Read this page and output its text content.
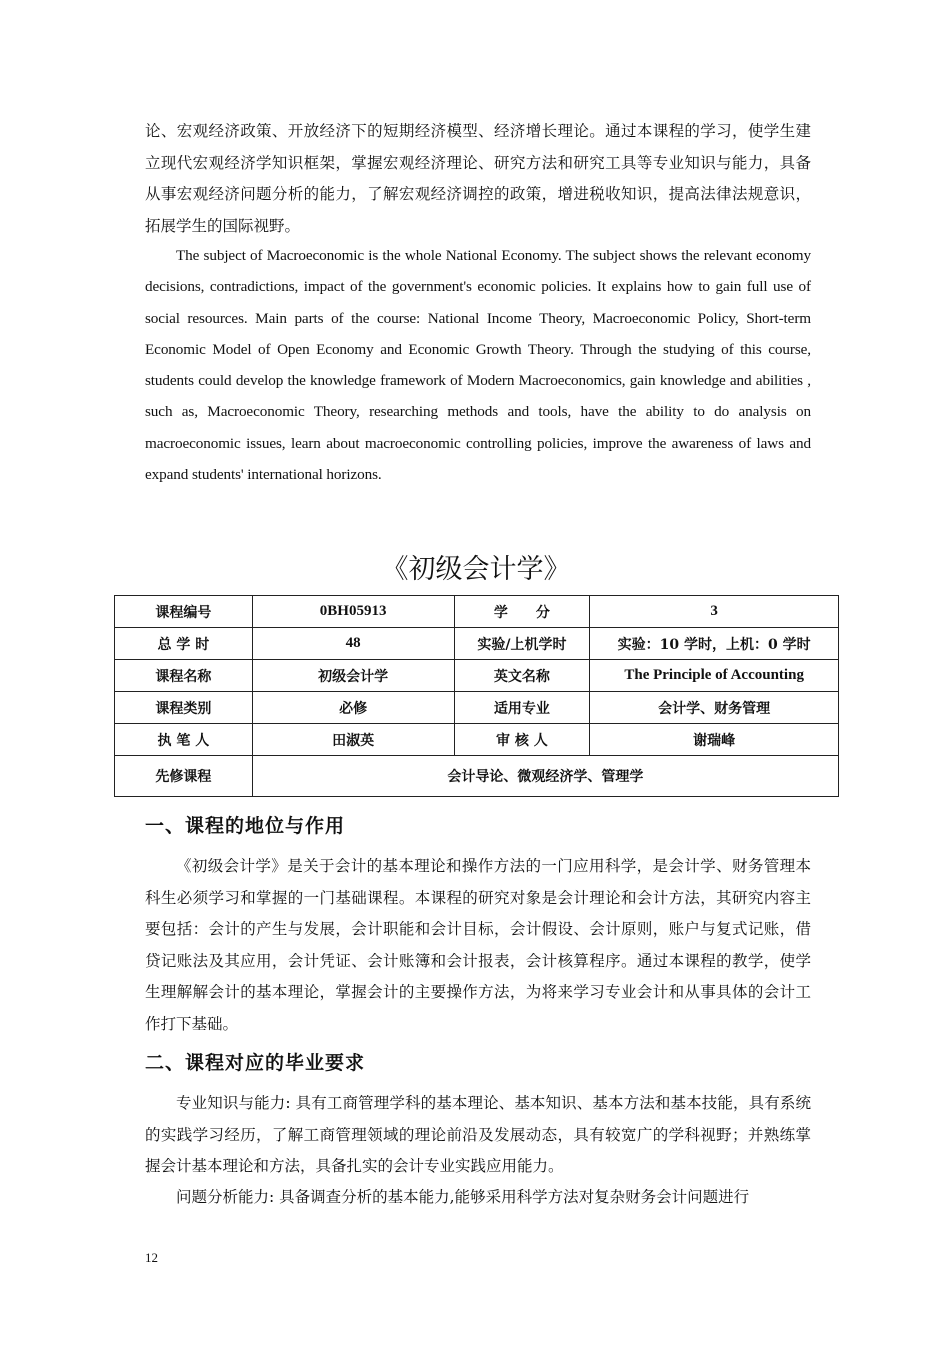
论、宏观经济政策、开放经济下的短期经济模型、经济增长理论。通过本课程的学习，使学生建立现代宏观经济学知识框架，掌握宏观经济理论、研究方法和研究工具等专业知识与能力，具备从事宏观经济问题分析的能力，了解宏观经济调控的政策，增进税收知识，提高法律法规意识，拓展学生的国际视野。

The subject of Macroeconomic is the whole National Economy. The subject shows the relevant economy decisions, contradictions, impact of the government's economic policies. It explains how to gain full use of social resources. Main parts of the course: National Income Theory, Macroeconomic Policy, Short-term Economic Model of Open Economy and Economic Growth Theory. Through the studying of this course, students could develop the knowledge framework of Modern Macroeconomics, gain knowledge and abilities , such as, Macroeconomic Theory, researching methods and tools, have the ability to do analysis on macroeconomic issues, learn about macroeconomic controlling policies, improve the awareness of laws and expand students' international horizons.

《初级会计学》
课程编号	0BH05913	学　　分	3
总 学 时	48	实验/上机学时	实验：10 学时，上机：0 学时
课程名称	初级会计学	英文名称	The Principle of Accounting
课程类别	必修	适用专业	会计学、财务管理
执 笔 人	田淑英	审 核 人	谢瑞峰
先修课程	会计导论、微观经济学、管理学		
一、课程的地位与作用

《初级会计学》是关于会计的基本理论和操作方法的一门应用科学，是会计学、财务管理本科生必须学习和掌握的一门基础课程。本课程的研究对象是会计理论和会计方法，其研究内容主要包括：会计的产生与发展，会计职能和会计目标，会计假设、会计原则，账户与复式记账，借贷记账法及其应用，会计凭证、会计账簿和会计报表，会计核算程序。通过本课程的教学，使学生理解解会计的基本理论，掌握会计的主要操作方法，为将来学习专业会计和从事具体的会计工作打下基础。

二、课程对应的毕业要求

专业知识与能力: 具有工商管理学科的基本理论、基本知识、基本方法和基本技能，具有系统的实践学习经历，了解工商管理领域的理论前沿及发展动态，具有较宽广的学科视野；并熟练掌握会计基本理论和方法，具备扎实的会计专业实践应用能力。

问题分析能力: 具备调查分析的基本能力,能够采用科学方法对复杂财务会计问题进行

12
